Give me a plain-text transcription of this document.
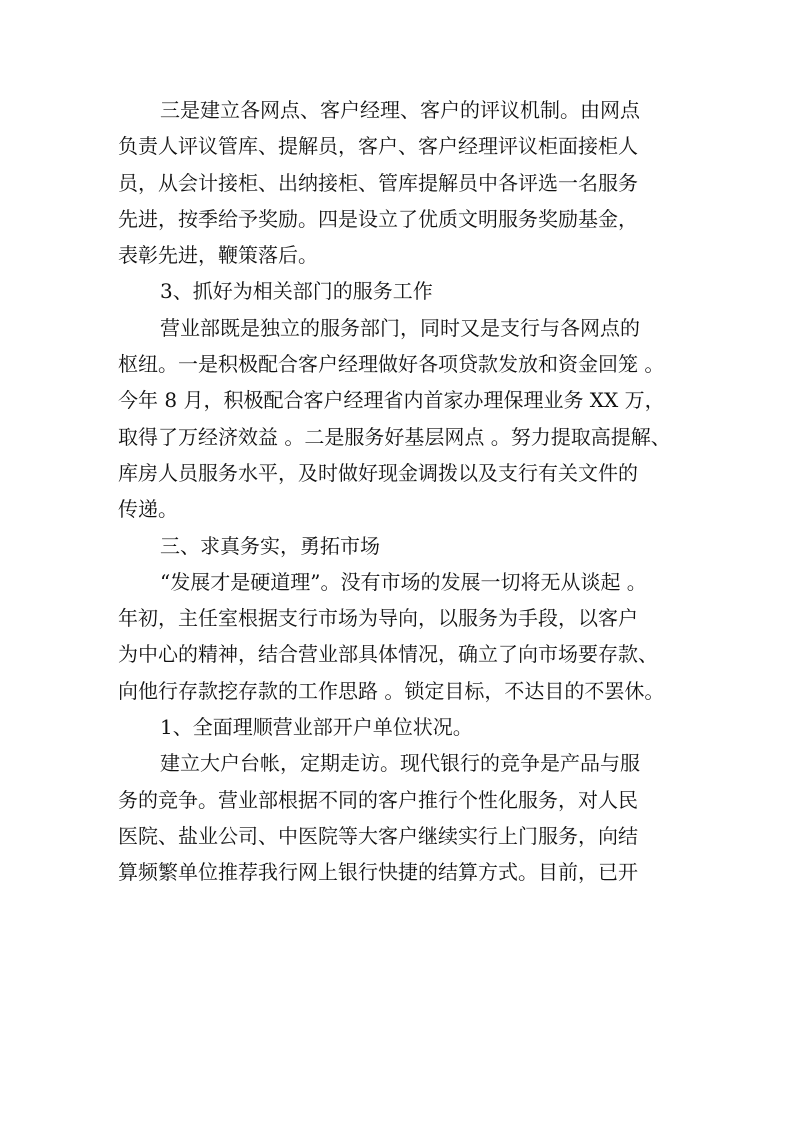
三是建立各网点、客户经理、客户的评议机制。由网点
负责人评议管库、提解员，客户、客户经理评议柜面接柜人
员，从会计接柜、出纳接柜、管库提解员中各评选一名服务
先进，按季给予奖励。四是设立了优质文明服务奖励基金，
表彰先进，鞭策落后。
3、抓好为相关部门的服务工作
营业部既是独立的服务部门，同时又是支行与各网点的
枢纽。一是积极配合客户经理做好各项贷款发放和资金回笼 。
今年 8 月，积极配合客户经理省内首家办理保理业务 XX 万，
取得了万经济效益 。二是服务好基层网点 。努力提取高提解、
库房人员服务水平，及时做好现金调拨以及支行有关文件的
传递。
三、求真务实，勇拓市场
“发展才是硬道理”。没有市场的发展一切将无从谈起 。
年初，主任室根据支行市场为导向，以服务为手段，以客户
为中心的精神，结合营业部具体情况，确立了向市场要存款、
向他行存款挖存款的工作思路 。锁定目标，不达目的不罢休。
1、全面理顺营业部开户单位状况。
建立大户台帐，定期走访。现代银行的竞争是产品与服
务的竞争。营业部根据不同的客户推行个性化服务，对人民
医院、盐业公司、中医院等大客户继续实行上门服务，向结
算频繁单位推荐我行网上银行快捷的结算方式。目前，已开
